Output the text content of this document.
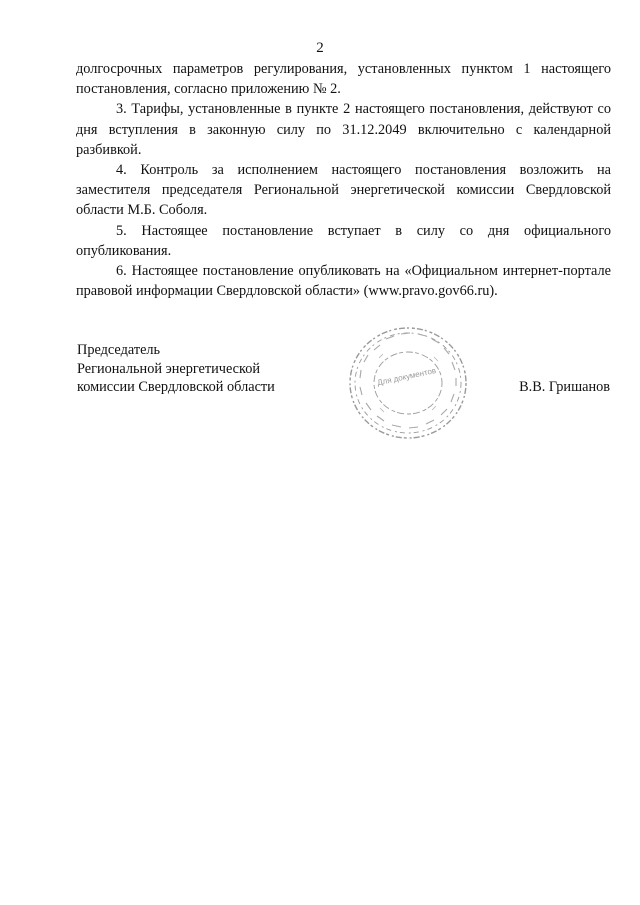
2

долгосрочных параметров регулирования, установленных пунктом 1 настоящего постановления, согласно приложению № 2.

3. Тарифы, установленные в пункте 2 настоящего постановления, действуют со дня вступления в законную силу по 31.12.2049 включительно с календарной разбивкой.

4. Контроль за исполнением настоящего постановления возложить на заместителя председателя Региональной энергетической комиссии Свердловской области М.Б. Соболя.

5. Настоящее постановление вступает в силу со дня официального опубликования.

6. Настоящее постановление опубликовать на «Официальном интернет-портале правовой информации Свердловской области» (www.pravo.gov66.ru).

Председатель
Региональной энергетической
комиссии Свердловской области	Для документов	В.В. Гришанов
